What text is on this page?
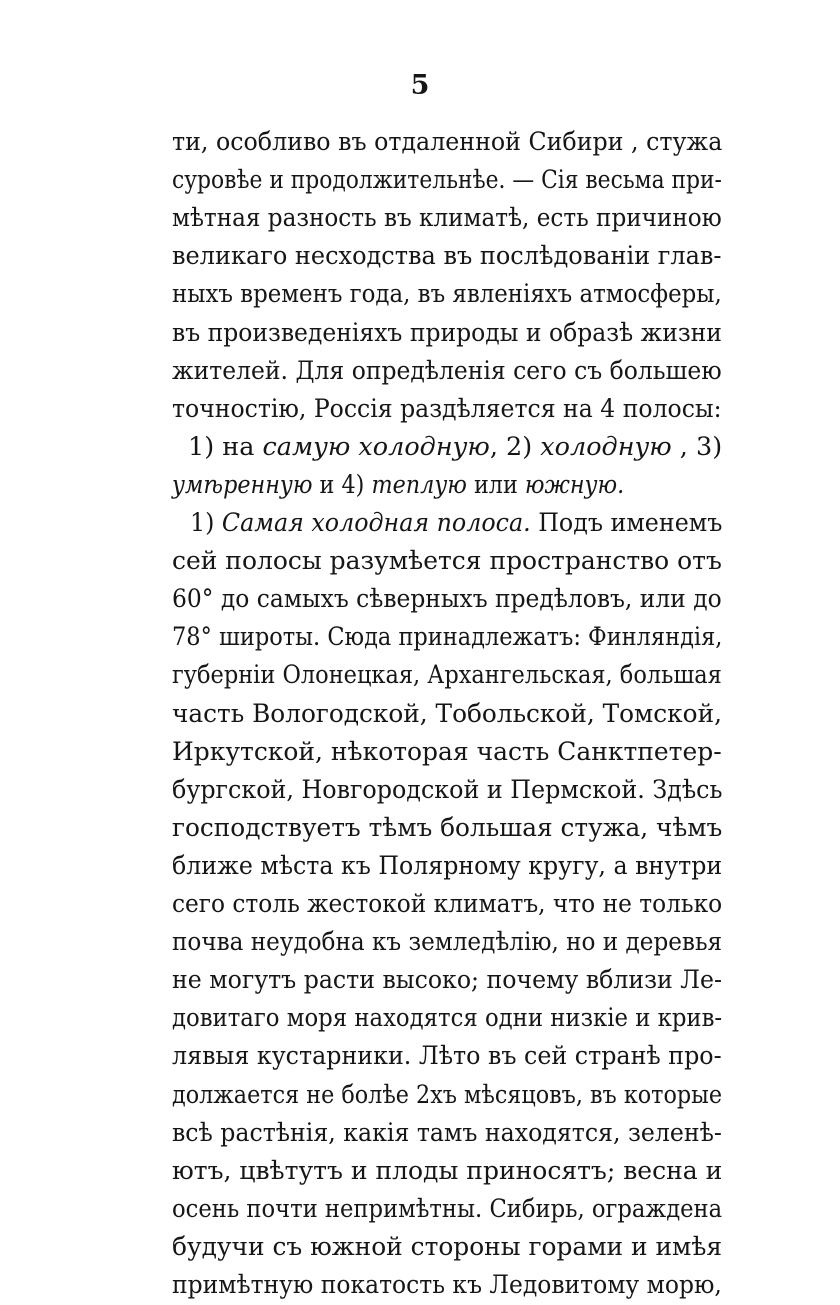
5
ти, особливо въ отдаленной Сибири , стужа
суровѣе и продолжительнѣе. — Сія весьма при-
мѣтная разность въ климатѣ, есть причиною
великаго несходства въ послѣдованіи глав-
ныхъ временъ года, въ явленіяхъ атмосферы,
въ произведеніяхъ природы и образѣ жизни
жителей. Для опредѣленія сего съ большею
точностію, Россія раздѣляется на 4 полосы:
1) на самую холодную, 2) холодную , 3)
умѣренную и 4) теплую или южную.
1) Самая холодная полоса. Подъ именемъ
сей полосы разумѣется пространство отъ
60° до самыхъ сѣверныхъ предѣловъ, или до
78° широты. Сюда принадлежатъ: Финляндія,
губерніи Олонецкая, Архангельская, большая
часть Вологодской, Тобольской, Томской,
Иркутской, нѣкоторая часть Санктпетер-
бургской, Новгородской и Пермской. Здѣсь
господствуетъ тѣмъ большая стужа, чѣмъ
ближе мѣста къ Полярному кругу, а внутри
сего столь жестокой климатъ, что не только
почва неудобна къ земледѣлію, но и деревья
не могутъ расти высоко; почему вблизи Ле-
довитаго моря находятся одни низкіе и крив-
лявыя кустарники. Лѣто въ сей странѣ про-
должается не болѣе 2хъ мѣсяцовъ, въ которые
всѣ растѣнія, какія тамъ находятся, зеленѣ-
ютъ, цвѣтутъ и плоды приносятъ; весна и
осень почти непримѣтны. Сибирь, ограждена
будучи съ южной стороны горами и имѣя
примѣтную покатость къ Ледовитому морю,
